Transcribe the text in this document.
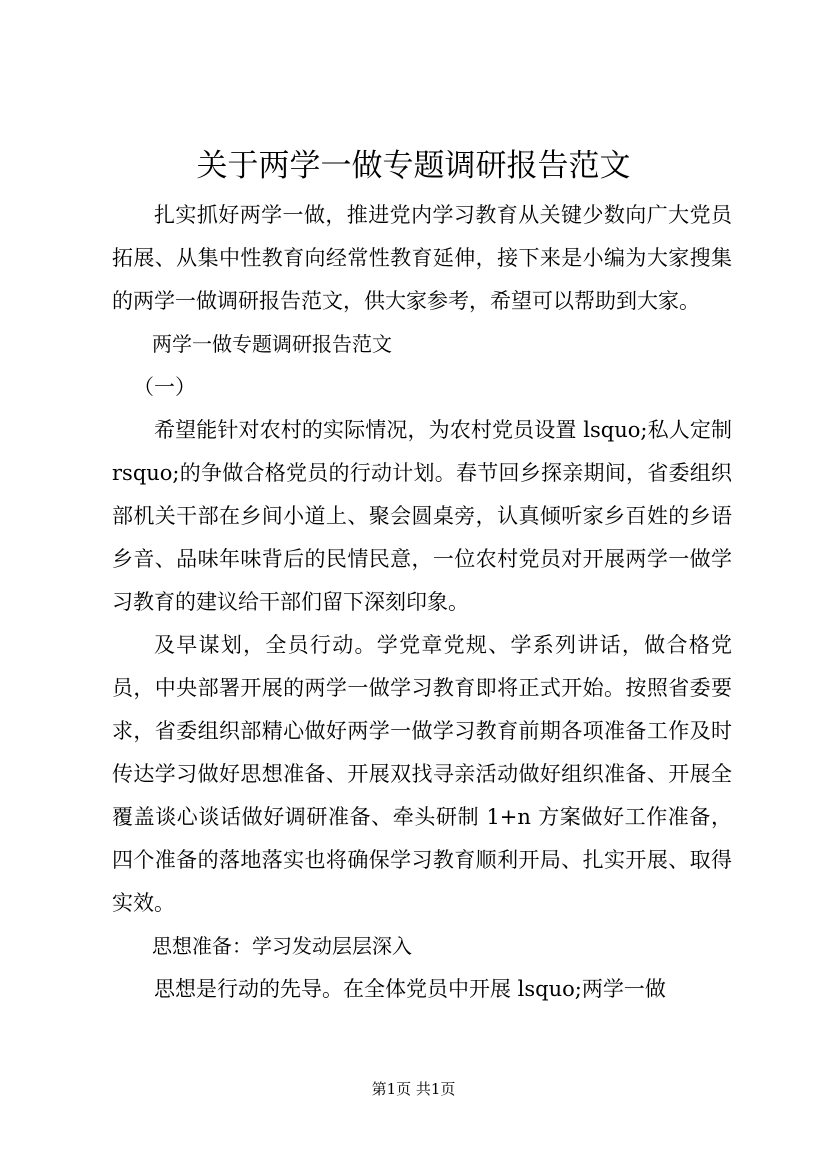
关于两学一做专题调研报告范文

扎实抓好两学一做，推进党内学习教育从关键少数向广大党员拓展、从集中性教育向经常性教育延伸，接下来是小编为大家搜集的两学一做调研报告范文，供大家参考，希望可以帮助到大家。

两学一做专题调研报告范文

（一）

希望能针对农村的实际情况，为农村党员设置 lsquo;私人定制 rsquo;的争做合格党员的行动计划。春节回乡探亲期间，省委组织部机关干部在乡间小道上、聚会圆桌旁，认真倾听家乡百姓的乡语乡音、品味年味背后的民情民意，一位农村党员对开展两学一做学习教育的建议给干部们留下深刻印象。

及早谋划，全员行动。学党章党规、学系列讲话，做合格党员，中央部署开展的两学一做学习教育即将正式开始。按照省委要求，省委组织部精心做好两学一做学习教育前期各项准备工作及时传达学习做好思想准备、开展双找寻亲活动做好组织准备、开展全覆盖谈心谈话做好调研准备、牵头研制 1+n 方案做好工作准备，四个准备的落地落实也将确保学习教育顺利开局、扎实开展、取得实效。

思想准备：学习发动层层深入

思想是行动的先导。在全体党员中开展 lsquo;两学一做

第1页 共1页
